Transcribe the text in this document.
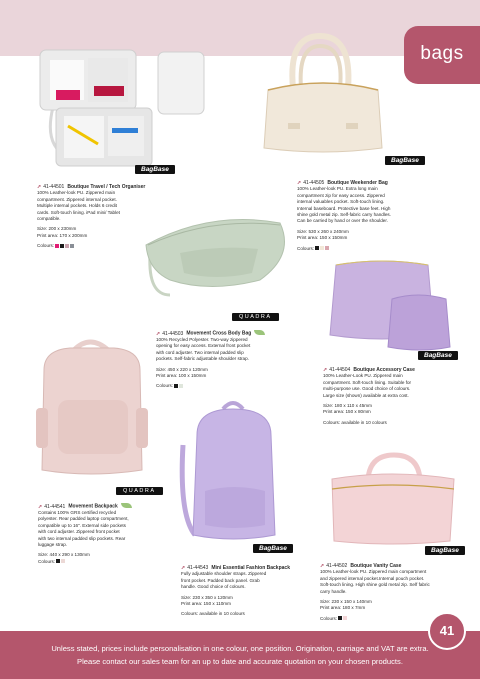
bags
BagBase
➚ 41-44501 Boutique Travel / Tech Organiser

100% Leather-look PU. Zippered main

compartment. Zippered internal pocket.

Multiple internal pockets. Holds 6 credit

cards. Soft-touch lining. iPad mini/ Tablet

compatible.

Size: 200 x 230mm

Print area: 170 x 200mm

Colours:

BagBase
➚ 41-44505 Boutique Weekender Bag

100% Leather-look PU. Extra long main

compartment zip for easy access. Zippered

internal valuables pocket. Soft-touch lining.

Internal baseboard. Protective base feet. High

shine gold metal zip. Self-fabric carry handles.

Can be carried by hand or over the shoulder.

Size: 530 x 260 x 240mm

Print area: 150 x 150mm

Colours:

QUADRA
➚ 41-44503 Movement Cross Body Bag

100% Recycled Polyester. Two-way zippered

opening for easy access. External front pocket

with cord adjuster. Two internal padded slip

pockets. Self-fabric adjustable shoulder strap.

Size: 450 x 220 x 120mm

Print area: 100 x 150mm

Colours:

BagBase
➚ 41-44504 Boutique Accessory Case

100% Leather-Look PU. Zippered main

compartment. Soft-touch lining. Suitable for

multi-purpose use. Good choice of colours.

Large size (shown) available at extra cost.

Size: 180 x 110 x 45mm

Print area: 150 x 80mm

Colours: available in 10 colours

QUADRA
➚ 41-44541 Movement Backpack

Contains 100% GRS certified recycled

polyester. Rear padded laptop compartment,

compatible up to 16". External side pockets

with cord adjuster. Zippered front pocket

with two internal padded slip pockets. Rear

luggage strap.

Size: 440 x 290 x 130mm

Colours:

BagBase
➚ 41-44543 Mini Essential Fashion Backpack

Fully adjustable shoulder straps. Zippered

front pocket. Padded back panel. Grab

handle. Good choice of colours.

Size: 230 x 350 x 120mm

Print area: 150 x 110mm

Colours: available in 10 colours

BagBase
➚ 41-44502 Boutique Vanity Case

100% Leather-look PU. Zippered main compartment

and zippered internal pocket.Internal pouch pocket.

Soft-touch lining. High shine gold metal zip. Self fabric

carry handle.

Size: 230 x 150 x 140mm

Print area: 180 x 7mm

Colours:

Unless stated, prices include personalisation in one colour, one position. Origination, carriage and VAT are extra.

Please contact our sales team for an up to date and accurate quotation on your chosen products.

41
